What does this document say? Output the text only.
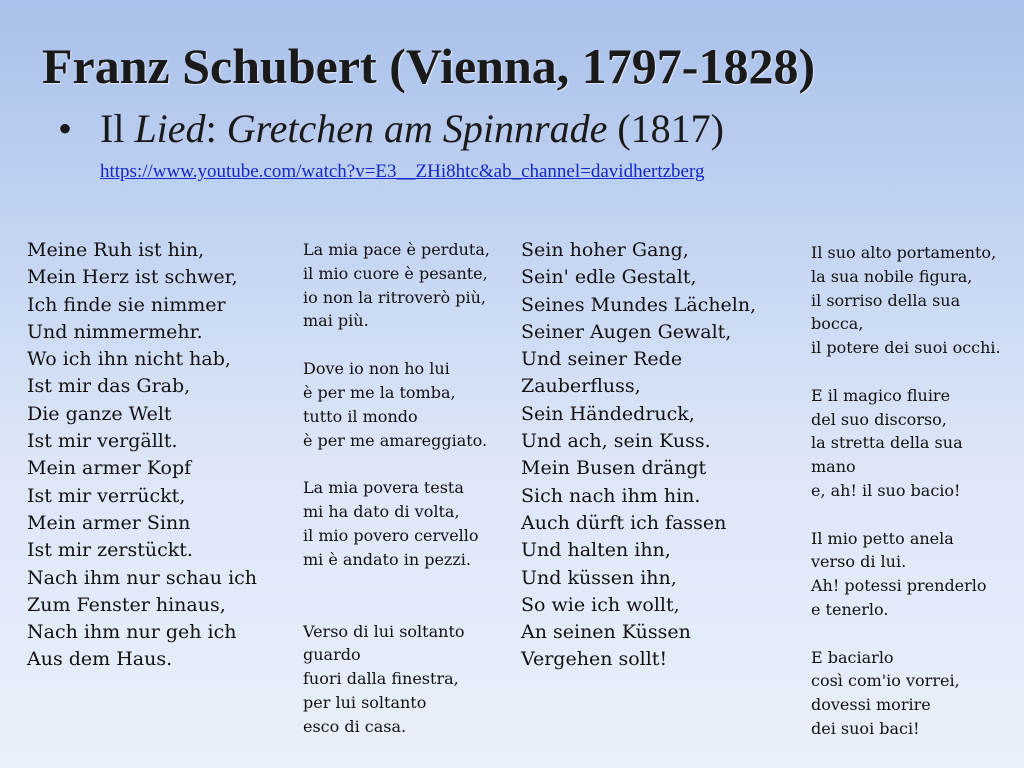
Franz Schubert (Vienna, 1797-1828)
• Il Lied: Gretchen am Spinnrade (1817)
https://www.youtube.com/watch?v=E3__ZHi8htc&ab_channel=davidhertzberg
Meine Ruh ist hin,
Mein Herz ist schwer,
Ich finde sie nimmer
Und nimmermehr.
Wo ich ihn nicht hab,
Ist mir das Grab,
Die ganze Welt
Ist mir vergällt.
Mein armer Kopf
Ist mir verrückt,
Mein armer Sinn
Ist mir zerstückt.
Nach ihm nur schau ich
Zum Fenster hinaus,
Nach ihm nur geh ich
Aus dem Haus.
La mia pace è perduta,
il mio cuore è pesante,
io non la ritroverò più,
mai più.
Dove io non ho lui
è per me la tomba,
tutto il mondo
è per me amareggiato.
La mia povera testa
mi ha dato di volta,
il mio povero cervello
mi è andato in pezzi.
Verso di lui soltanto
guardo
fuori dalla finestra,
per lui soltanto
esco di casa.
Sein hoher Gang,
Sein' edle Gestalt,
Seines Mundes Lächeln,
Seiner Augen Gewalt,
Und seiner Rede
Zauberfluss,
Sein Händedruck,
Und ach, sein Kuss.
Mein Busen drängt
Sich nach ihm hin.
Auch dürft ich fassen
Und halten ihn,
Und küssen ihn,
So wie ich wollt,
An seinen Küssen
Vergehen sollt!
Il suo alto portamento,
la sua nobile figura,
il sorriso della sua
bocca,
il potere dei suoi occhi.
E il magico fluire
del suo discorso,
la stretta della sua
mano
e, ah! il suo bacio!
Il mio petto anela
verso di lui.
Ah! potessi prenderlo
e tenerlo.
E baciarlo
così com'io vorrei,
dovessi morire
dei suoi baci!
